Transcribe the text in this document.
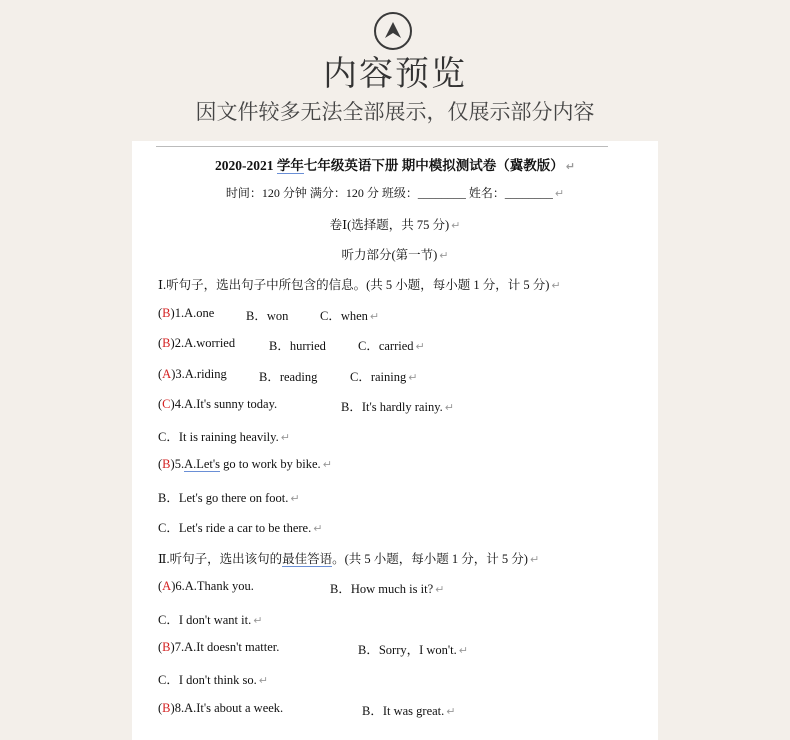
内容预览
因文件较多无法全部展示，仅展示部分内容
2020-2021 学年七年级英语下册 期中模拟测试卷（冀教版） ↵
时间：120 分钟 满分：120 分 班级：________ 姓名：________ ↵
卷Ⅰ(选择题，共 75 分) ↵
听力部分(第一节) ↵
Ⅰ.听句子，选出句子中所包含的信息。(共 5 小题，每小题 1 分，计 5 分) ↵
(B)1.A.one	B．won	C．when ↵
(B)2.A.worried	B．hurried	C．carried ↵
(A)3.A.riding	B．reading	C．raining ↵
(C)4.A.It's sunny today.	B．It's hardly rainy. ↵
C．It is raining heavily. ↵
(B)5.A.Let's go to work by bike. ↵
B．Let's go there on foot. ↵
C．Let's ride a car to be there. ↵
Ⅱ.听句子，选出该句的最佳答语。(共 5 小题，每小题 1 分，计 5 分) ↵
(A)6.A.Thank you.	B．How much is it? ↵
C．I don't want it. ↵
(B)7.A.It doesn't matter.	B．Sorry，I won't. ↵
C．I don't think so. ↵
(B)8.A.It's about a week.	B．It was great. ↵
